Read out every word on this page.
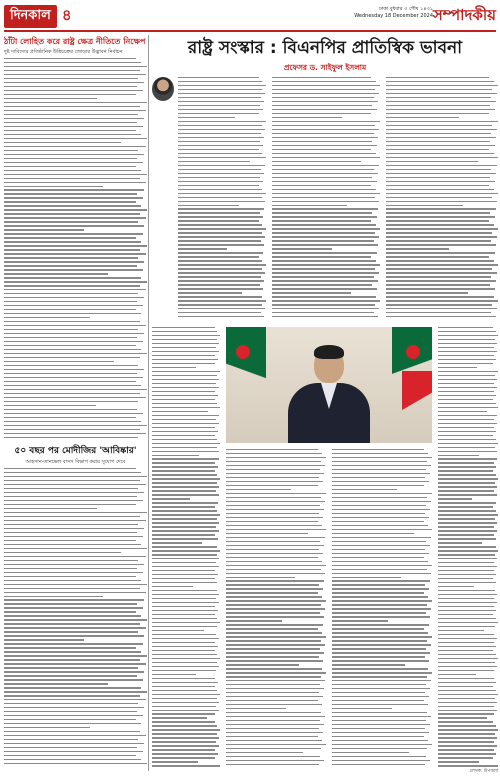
দিনকাল ৪	ঢাকা বুধবার ৩ পৌষ ১৪৩১
Wednesday 18 December 2024 সম্পাদকীয়
ঠাঁটা লোহিত করে রাষ্ট্র ক্ষেত্র নীতিতে নিক্ষেপ
দুষ্ট দাবিদ্যের প্রতিষ্ঠানিক উন্নিচক্রের জোড়ার উদ্ভাবন নির্বাচন
৫০ বছর পর মোদীজির 'আবিষ্কার'
আহসান-তানভেল বাসস বিভাগ করার সুযোগ দেবে
রাষ্ট্র সংস্কার : বিএনপির প্রাতিস্বিক ভাবনা
প্রফেসর ড. সাইফুল ইসলাম
লেখক: উপাচার্য
